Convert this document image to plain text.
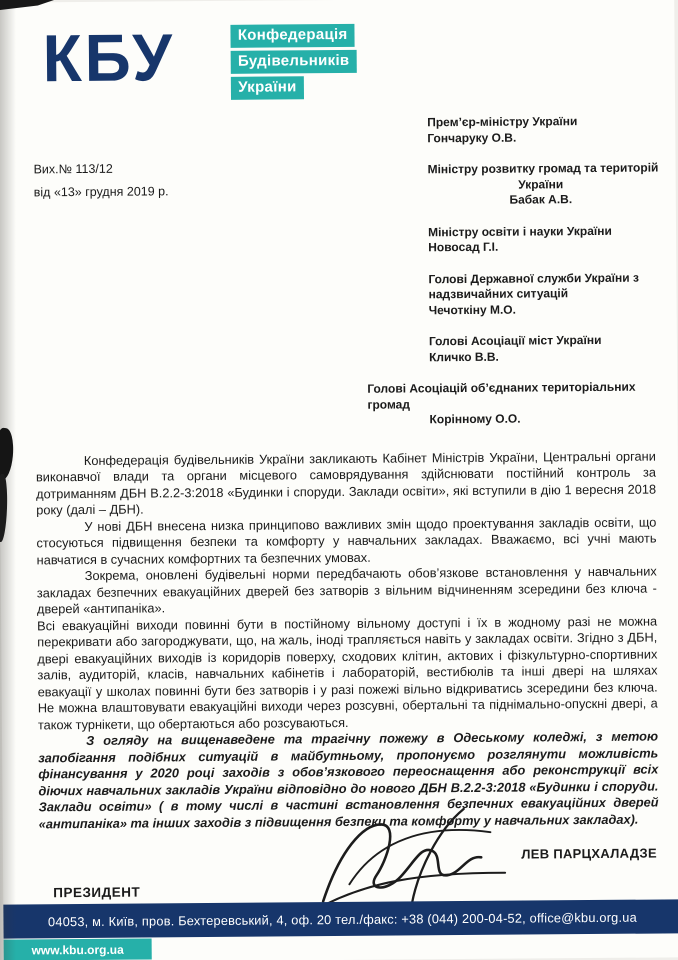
КБУ	Конфедерація
Будівельників
України
Вих.№ 113/12
від «13» грудня 2019 р.
Прем’єр-міністру України
Гончаруку О.В.
Міністру розвитку громад та територій
України
Бабак А.В.
Міністру освіти і науки України
Новосад Г.І.
Голові Державної служби України з
надзвичайних ситуацій
Чечоткіну М.О.
Голові Асоціації міст України
Кличко В.В.
Голові Асоціацій об’єднаних територіальних
громад
Корінному О.О.

Конфедерація будівельників України закликають Кабінет Міністрів України, Центральні органи виконавчої влади та органи місцевого самоврядування здійснювати постійний контроль за дотриманням ДБН В.2.2-3:2018 «Будинки і споруди. Заклади освіти», які вступили в дію 1 вересня 2018 року (далі – ДБН).

У нові ДБН внесена низка принципово важливих змін щодо проектування закладів освіти, що стосуються підвищення безпеки та комфорту у навчальних закладах. Вважаємо, всі учні мають навчатися в сучасних комфортних та безпечних умовах.

Зокрема, оновлені будівельні норми передбачають обов’язкове встановлення у навчальних закладах безпечних евакуаційних дверей без затворів з вільним відчиненням зсередини без ключа - дверей «антипаніка».

Всі евакуаційні виходи повинні бути в постійному вільному доступі і їх в жодному разі не можна перекривати або загороджувати, що, на жаль, іноді трапляється навіть у закладах освіти. Згідно з ДБН, двері евакуаційних виходів із коридорів поверху, сходових клітин, актових і фізкультурно-спортивних залів, аудиторій, класів, навчальних кабінетів і лабораторій, вестибюлів та інші двері на шляхах евакуації у школах повинні бути без затворів і у разі пожежі вільно відкриватись зсередини без ключа. Не можна влаштовувати евакуаційні виходи через розсувні, обертальні та піднімально-опускні двері, а також турнікети, що обертаються або розсуваються.

З огляду на вищенаведене та трагічну пожежу в Одеському коледжі, з метою запобігання подібних ситуацій в майбутньому, пропонуємо розглянути можливість фінансування у 2020 році заходів з обов’язкового переоснащення або реконструкції всіх діючих навчальних закладів України відповідно до нового ДБН В.2.2-3:2018 «Будинки і споруди. Заклади освіти» ( в тому числі в частині встановлення безпечних евакуаційних дверей «антипаніка» та інших заходів з підвищення безпеки та комфорту у навчальних закладах).

ПРЕЗИДЕНТ
ЛЕВ ПАРЦХАЛАДЗЕ
04053, м. Київ, пров. Бехтеревський, 4, оф. 20 тел./факс: +38 (044) 200-04-52, office@kbu.org.ua
www.kbu.org.ua
